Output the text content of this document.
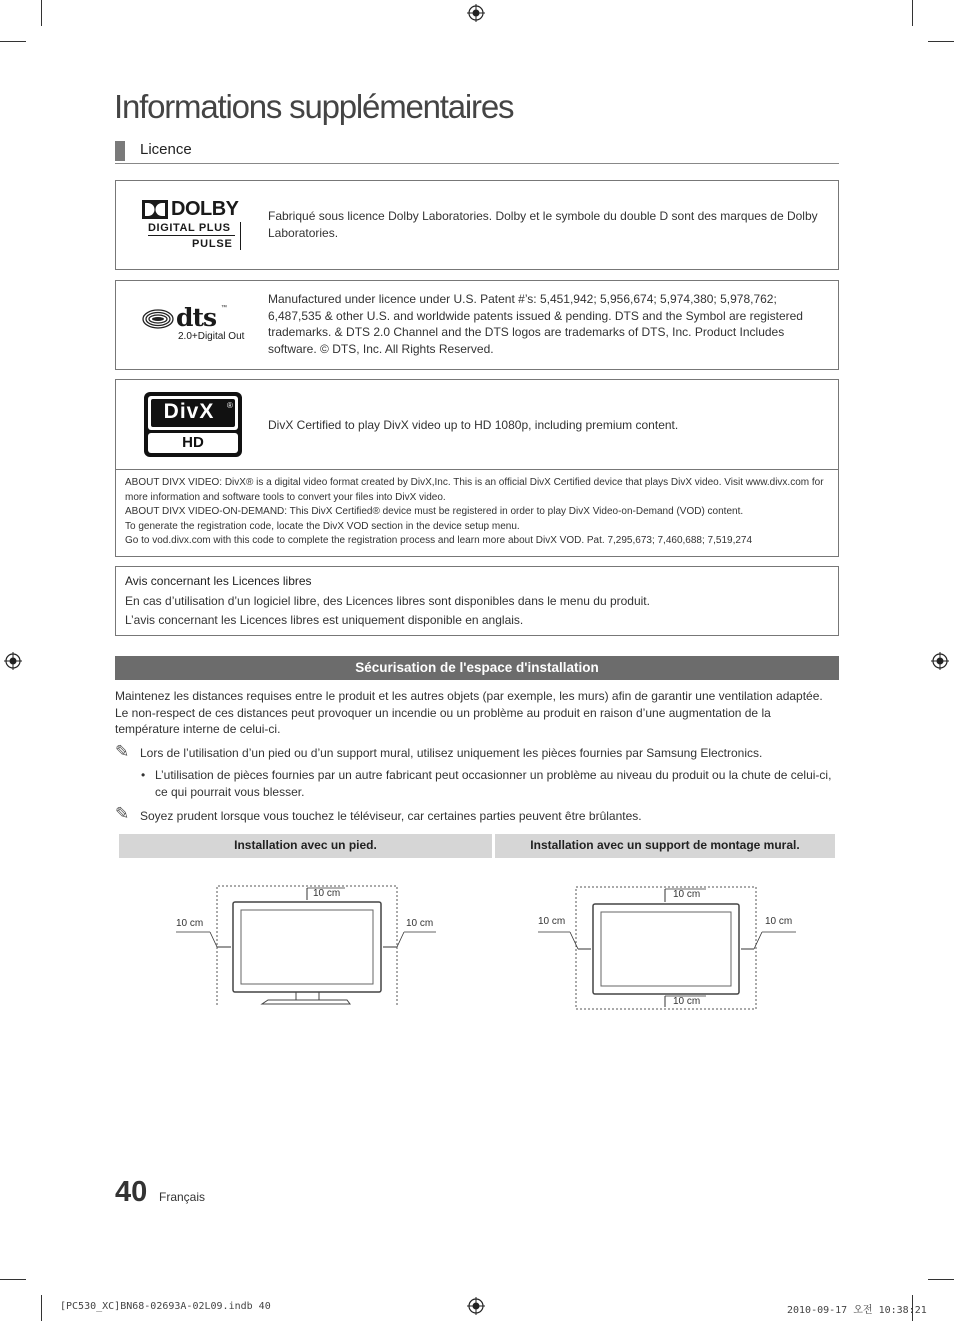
Informations supplémentaires
Licence
DOLBY
DIGITAL PLUS
PULSE
Fabriqué sous licence Dolby Laboratories. Dolby et le symbole du double D sont des marques de Dolby Laboratories.
dts ™
2.0+Digital Out
Manufactured under licence under U.S. Patent #’s: 5,451,942; 5,956,674; 5,974,380; 5,978,762; 6,487,535 & other U.S. and worldwide patents issued & pending. DTS and the Symbol are registered trademarks. & DTS 2.0 Channel and the DTS logos are trademarks of DTS, Inc. Product Includes software. © DTS, Inc. All Rights Reserved.
DivX	®
HD
DivX Certified to play DivX video up to HD 1080p, including premium content.
ABOUT DIVX VIDEO: DivX® is a digital video format created by DivX,Inc. This is an official DivX Certified device that plays DivX video. Visit www.divx.com for more information and software tools to convert your files into DivX video.
ABOUT DIVX VIDEO-ON-DEMAND: This DivX Certified® device must be registered in order to play DivX Video-on-Demand (VOD) content.
To generate the registration code, locate the DivX VOD section in the device setup menu.
Go to vod.divx.com with this code to complete the registration process and learn more about DivX VOD. Pat. 7,295,673; 7,460,688; 7,519,274
Avis concernant les Licences libres
En cas d’utilisation d’un logiciel libre, des Licences libres sont disponibles dans le menu du produit.
L’avis concernant les Licences libres est uniquement disponible en anglais.
Sécurisation de l'espace d'installation
Maintenez les distances requises entre le produit et les autres objets (par exemple, les murs) afin de garantir une ventilation adaptée. Le non-respect de ces distances peut provoquer un incendie ou un problème au produit en raison d’une augmentation de la température interne de celui-ci.
✎ Lors de l’utilisation d’un pied ou d’un support mural, utilisez uniquement les pièces fournies par Samsung Electronics.
• L’utilisation de pièces fournies par un autre fabricant peut occasionner un problème au niveau du produit ou la chute de celui-ci, ce qui pourrait vous blesser.
✎ Soyez prudent lorsque vous touchez le téléviseur, car certaines parties peuvent être brûlantes.
Installation avec un pied.	Installation avec un support de montage mural.
10 cm
10 cm	10 cm
10 cm
10 cm	10 cm
10 cm
40 Français
[PC530_XC]BN68-02693A-02L09.indb 40	2010-09-17 오전 10:38:21
